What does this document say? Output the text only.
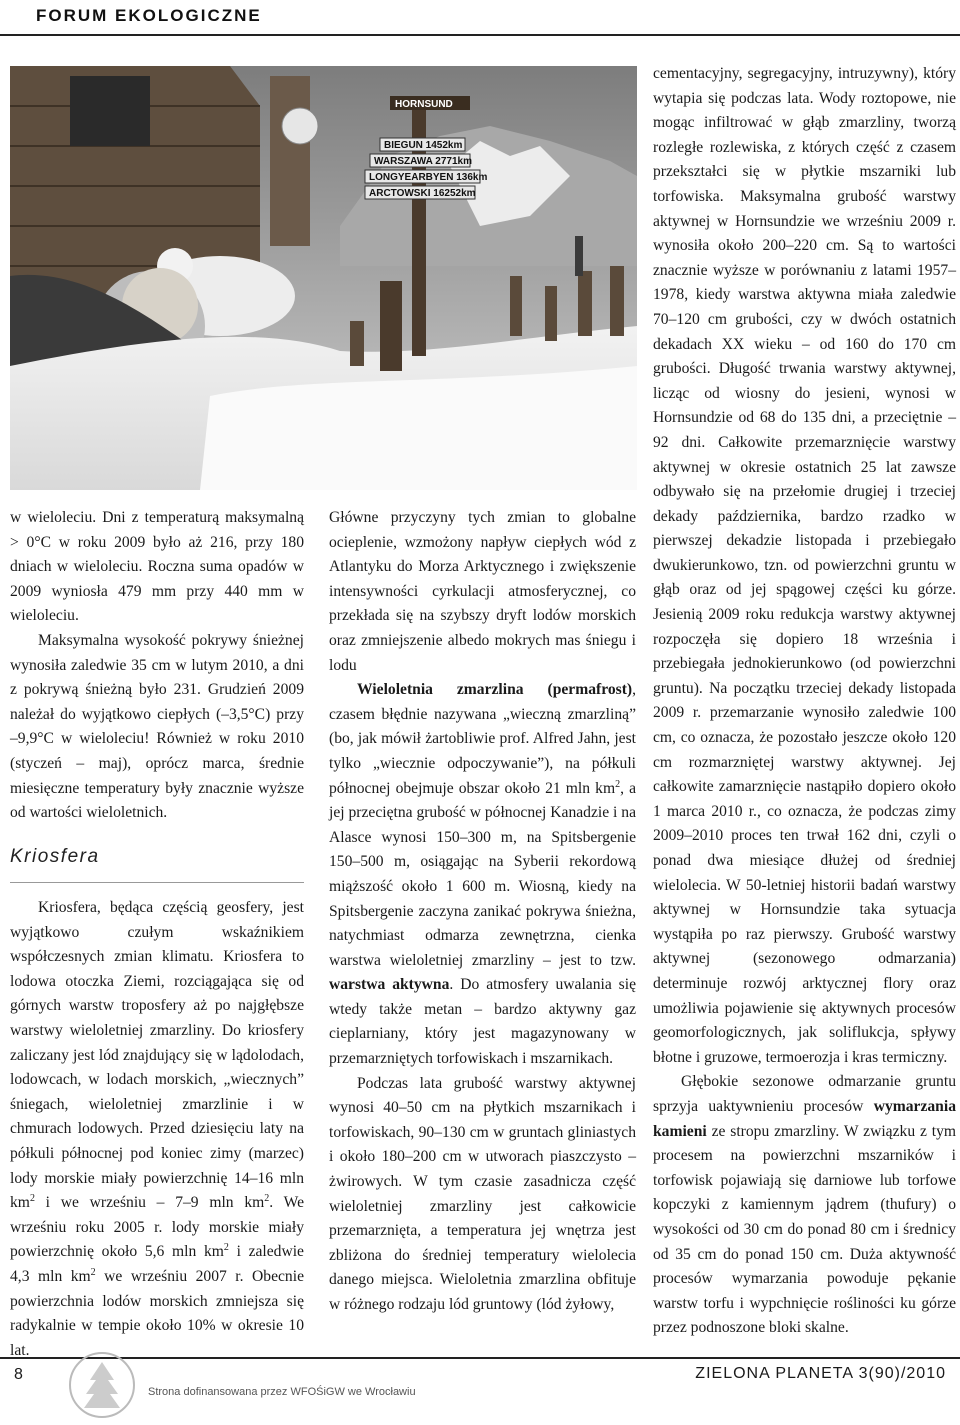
FORUM EKOLOGICZNE
HORNSUND
BIEGUN 1452km
WARSZAWA 2771km
LONGYEARBYEN 136km
ARCTOWSKI 16252km

w wieloleciu. Dni z temperaturą maksymalną > 0°C w roku 2009 było aż 216, przy 180 dniach w wieloleciu. Roczna suma opadów w 2009 wyniosła 479 mm przy 440 mm w wieloleciu.

Maksymalna wysokość pokrywy śnieżnej wynosiła zaledwie 35 cm w lutym 2010, a dni z pokrywą śnieżną było 231. Grudzień 2009 należał do wyjątkowo ciepłych (–3,5°C) przy –9,9°C w wieloleciu! Również w roku 2010 (styczeń – maj), oprócz marca, średnie miesięczne temperatury były znacznie wyższe od wartości wieloletnich.

Kriosfera

Kriosfera, będąca częścią geosfery, jest wyjątkowo czułym wskaźnikiem współczesnych zmian klimatu. Kriosfera to lodowa otoczka Ziemi, rozciągająca się od górnych warstw troposfery aż po najgłębsze warstwy wieloletniej zmarzliny. Do kriosfery zaliczany jest lód znajdujący się w lądolodach, lodowcach, w lodach morskich, „wiecznych” śniegach, wieloletniej zmarzlinie i w chmurach lodowych. Przed dziesięciu laty na półkuli północnej pod koniec zimy (marzec) lody morskie miały powierzchnię 14–16 mln $km^2$ i we wrześniu – 7–9 mln $km^2$. We wrześniu roku 2005 r. lody morskie miały powierzchnię około 5,6 mln $km^2$ i zaledwie 4,3 mln $km^2$ we wrześniu 2007 r. Obecnie powierzchnia lodów morskich zmniejsza się radykalnie w tempie około 10% w okresie 10 lat.

Główne przyczyny tych zmian to globalne ocieplenie, wzmożony napływ ciepłych wód z Atlantyku do Morza Arktycznego i zwiększenie intensywności cyrkulacji atmosferycznej, co przekłada się na szybszy dryft lodów morskich oraz zmniejszenie albedo mokrych mas śniegu i lodu

Wieloletnia zmarzlina (permafrost), czasem błędnie nazywana „wieczną zmarzliną” (bo, jak mówił żartobliwie prof. Alfred Jahn, jest tylko „wiecznie odpoczywanie”), na półkuli północnej obejmuje obszar około 21 mln $km^2$, a jej przeciętna grubość w północnej Kanadzie i na Alasce wynosi 150–300 m, na Spitsbergenie 150–500 m, osiągając na Syberii rekordową miąższość około 1 600 m. Wiosną, kiedy na Spitsbergenie zaczyna zanikać pokrywa śnieżna, natychmiast odmarza zewnętrzna, cienka warstwa wieloletniej zmarzliny – jest to tzw. warstwa aktywna. Do atmosfery uwalania się wtedy także metan – bardzo aktywny gaz cieplarniany, który jest magazynowany w przemarzniętych torfowiskach i mszarnikach.

Podczas lata grubość warstwy aktywnej wynosi 40–50 cm na płytkich mszarnikach i torfowiskach, 90–130 cm w gruntach gliniastych i około 180–200 cm w utworach piaszczysto – żwirowych. W tym czasie zasadnicza część wieloletniej zmarzliny jest całkowicie przemarznięta, a temperatura jej wnętrza jest zbliżona do średniej temperatury wielolecia danego miejsca. Wieloletnia zmarzlina obfituje w różnego rodzaju lód gruntowy (lód żyłowy,

cementacyjny, segregacyjny, intruzywny), który wytapia się podczas lata. Wody roztopowe, nie mogąc infiltrować w głąb zmarzliny, tworzą rozległe rozlewiska, z których część z czasem przekształci się w płytkie mszarniki lub torfowiska. Maksymalna grubość warstwy aktywnej w Hornsundzie we wrześniu 2009 r. wynosiła około 200–220 cm. Są to wartości znacznie wyższe w porównaniu z latami 1957–1978, kiedy warstwa aktywna miała zaledwie 70–120 cm grubości, czy w dwóch ostatnich dekadach XX wieku – od 160 do 170 cm grubości. Długość trwania warstwy aktywnej, licząc od wiosny do jesieni, wynosi w Hornsundzie od 68 do 135 dni, a przeciętnie – 92 dni. Całkowite przemarznięcie warstwy aktywnej w okresie ostatnich 25 lat zawsze odbywało się na przełomie drugiej i trzeciej dekady października, bardzo rzadko w pierwszej dekadzie listopada i przebiegało dwukierunkowo, tzn. od powierzchni gruntu w głąb oraz od jej spągowej części ku górze. Jesienią 2009 roku redukcja warstwy aktywnej rozpoczęła się dopiero 18 września i przebiegała jednokierunkowo (od powierzchni gruntu). Na początku trzeciej dekady listopada 2009 r. przemarzanie wynosiło zaledwie 100 cm, co oznacza, że pozostało jeszcze około 120 cm rozmarzniętej warstwy aktywnej. Jej całkowite zamarznięcie nastąpiło dopiero około 1 marca 2010 r., co oznacza, że podczas zimy 2009–2010 proces ten trwał 162 dni, czyli o ponad dwa miesiące dłużej od średniej wielolecia. W 50-letniej historii badań warstwy aktywnej w Hornsundzie taka sytuacja wystąpiła po raz pierwszy. Grubość warstwy aktywnej (sezonowego odmarzania) determinuje rozwój arktycznej flory oraz umożliwia pojawienie się aktywnych procesów geomorfologicznych, jak soliflukcja, spływy błotne i gruzowe, termoerozja i kras termiczny.

Głębokie sezonowe odmarzanie gruntu sprzyja uaktywnieniu procesów wymarzania kamieni ze stropu zmarzliny. W związku z tym procesem na powierzchni mszarników i torfowisk pojawiają się darniowe lub torfowe kopczyki z kamiennym jądrem (thufury) o wysokości od 30 cm do ponad 80 cm i średnicy od 35 cm do ponad 150 cm. Duża aktywność procesów wymarzania powoduje pękanie warstw torfu i wypchnięcie rośliności ku górze przez podnoszone bloki skalne.

8
Strona dofinansowana przez WFOŚiGW we Wrocławiu
ZIELONA PLANETA 3(90)/2010
